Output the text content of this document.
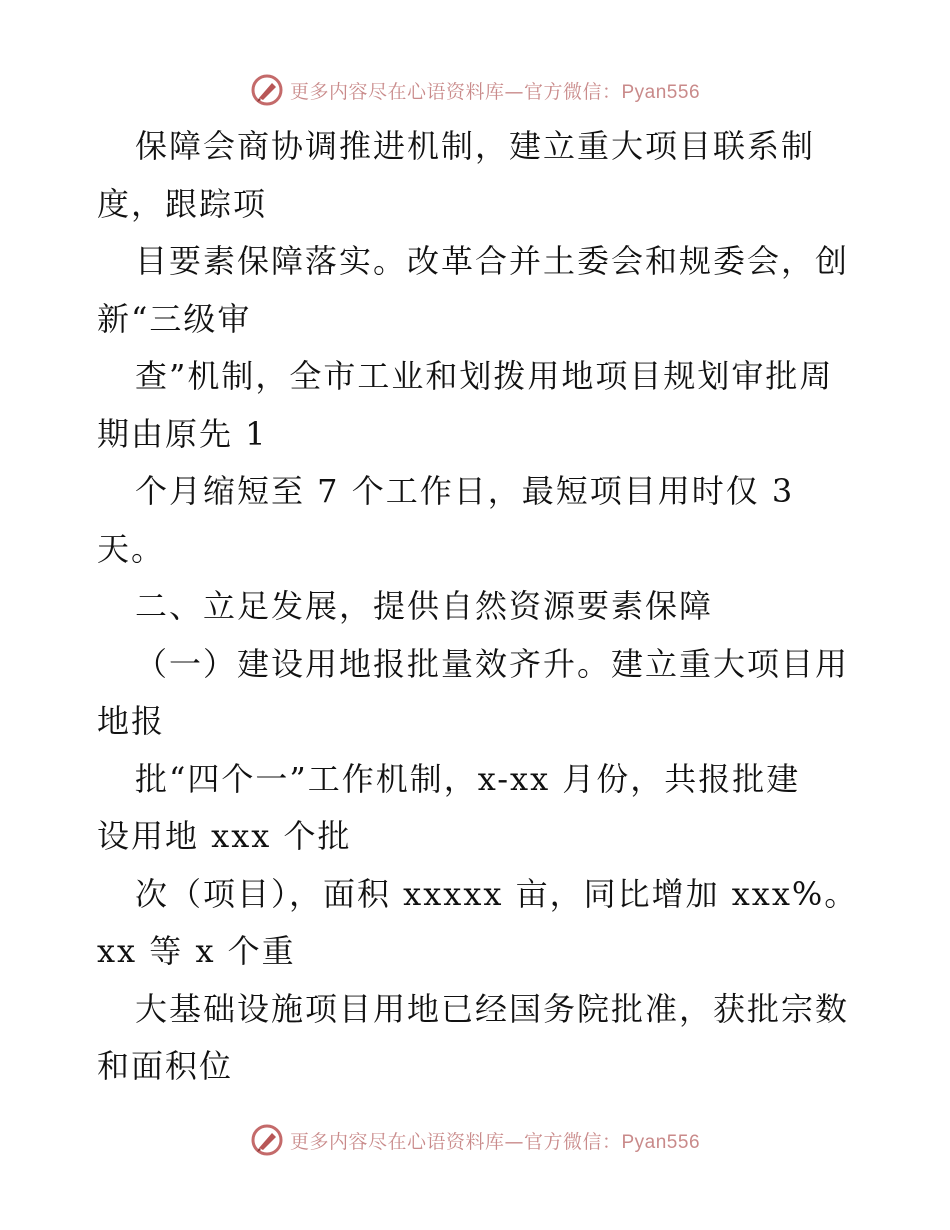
更多内容尽在心语资料库—官方微信：Pyan556
保障会商协调推进机制，建立重大项目联系制
度，跟踪项
目要素保障落实。改革合并土委会和规委会，创
新“三级审
查”机制，全市工业和划拨用地项目规划审批周
期由原先 1
个月缩短至 7 个工作日，最短项目用时仅 3
天。
二、立足发展，提供自然资源要素保障
（一）建设用地报批量效齐升。建立重大项目用
地报
批“四个一”工作机制，x-xx 月份，共报批建
设用地 xxx 个批
次（项目），面积 xxxxx 亩，同比增加 xxx%。
xx 等 x 个重
大基础设施项目用地已经国务院批准，获批宗数
和面积位
更多内容尽在心语资料库—官方微信：Pyan556
